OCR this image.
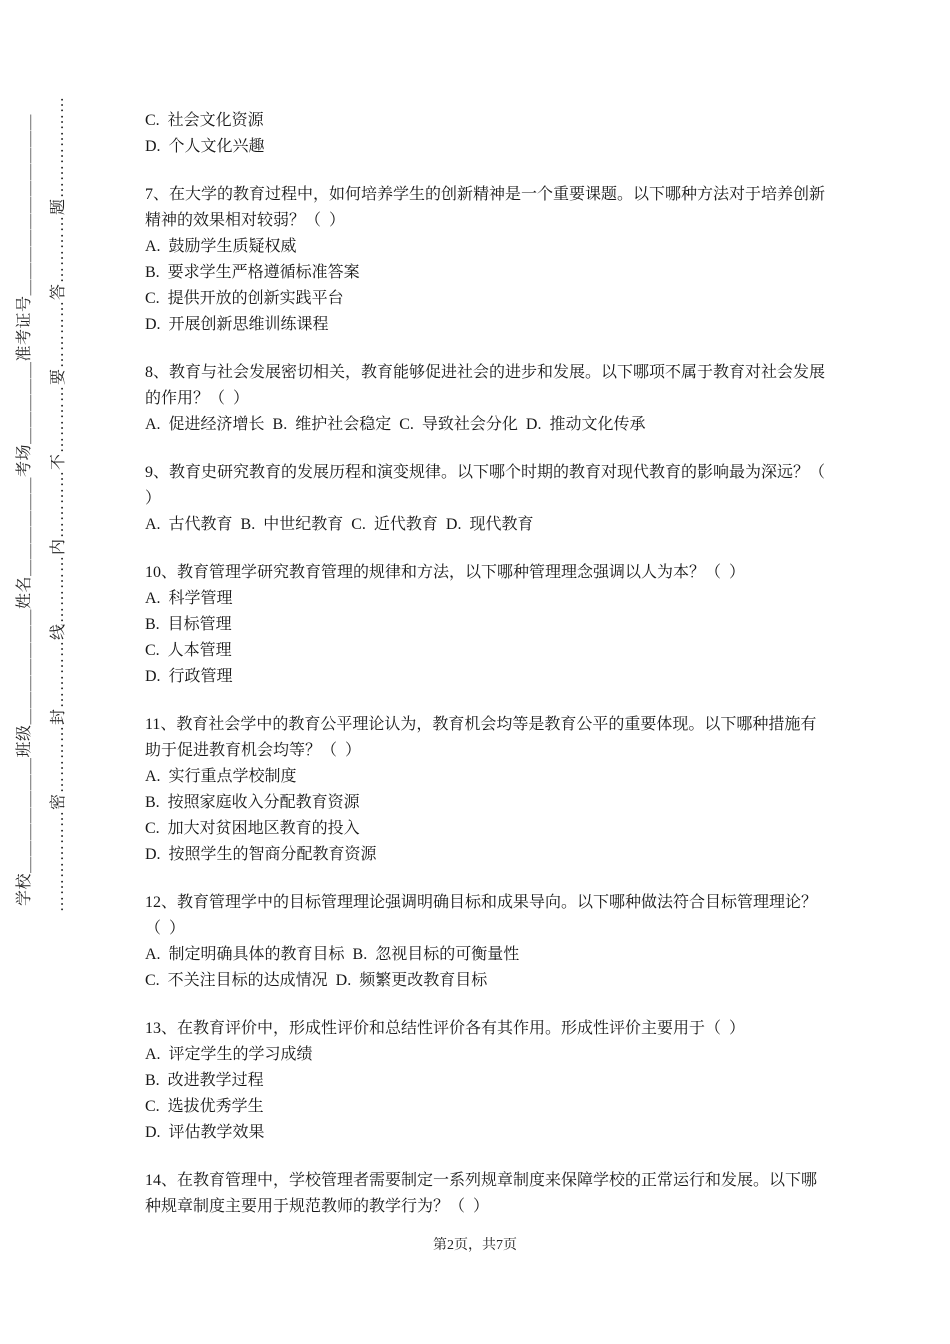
学校＿＿＿＿＿＿＿班级＿＿＿＿＿＿＿姓名＿＿＿＿＿＿考场＿＿＿＿＿准考证号＿＿＿＿＿＿＿＿＿＿＿ ………………密…………封…………线…………内…………不…………要…………答…………题………………	C.  社会文化资源

D.  个人文化兴趣

7、在大学的教育过程中，如何培养学生的创新精神是一个重要课题。以下哪种方法对于培养创新精神的效果相对较弱？（  ）

A.  鼓励学生质疑权威

B.  要求学生严格遵循标准答案

C.  提供开放的创新实践平台

D.  开展创新思维训练课程

8、教育与社会发展密切相关，教育能够促进社会的进步和发展。以下哪项不属于教育对社会发展的作用？（  ）

A.  促进经济增长  B.  维护社会稳定  C.  导致社会分化  D.  推动文化传承

9、教育史研究教育的发展历程和演变规律。以下哪个时期的教育对现代教育的影响最为深远？（  ）

A.  古代教育  B.  中世纪教育  C.  近代教育  D.  现代教育

10、教育管理学研究教育管理的规律和方法，以下哪种管理理念强调以人为本？（  ）

A.  科学管理

B.  目标管理

C.  人本管理

D.  行政管理

11、教育社会学中的教育公平理论认为，教育机会均等是教育公平的重要体现。以下哪种措施有助于促进教育机会均等？（  ）

A.  实行重点学校制度

B.  按照家庭收入分配教育资源

C.  加大对贫困地区教育的投入

D.  按照学生的智商分配教育资源

12、教育管理学中的目标管理理论强调明确目标和成果导向。以下哪种做法符合目标管理理论？（  ）

A.  制定明确具体的教育目标  B.  忽视目标的可衡量性

C.  不关注目标的达成情况  D.  频繁更改教育目标

13、在教育评价中，形成性评价和总结性评价各有其作用。形成性评价主要用于（  ）

A.  评定学生的学习成绩

B.  改进教学过程

C.  选拔优秀学生

D.  评估教学效果

14、在教育管理中，学校管理者需要制定一系列规章制度来保障学校的正常运行和发展。以下哪种规章制度主要用于规范教师的教学行为？（  ）

第2页，共7页
